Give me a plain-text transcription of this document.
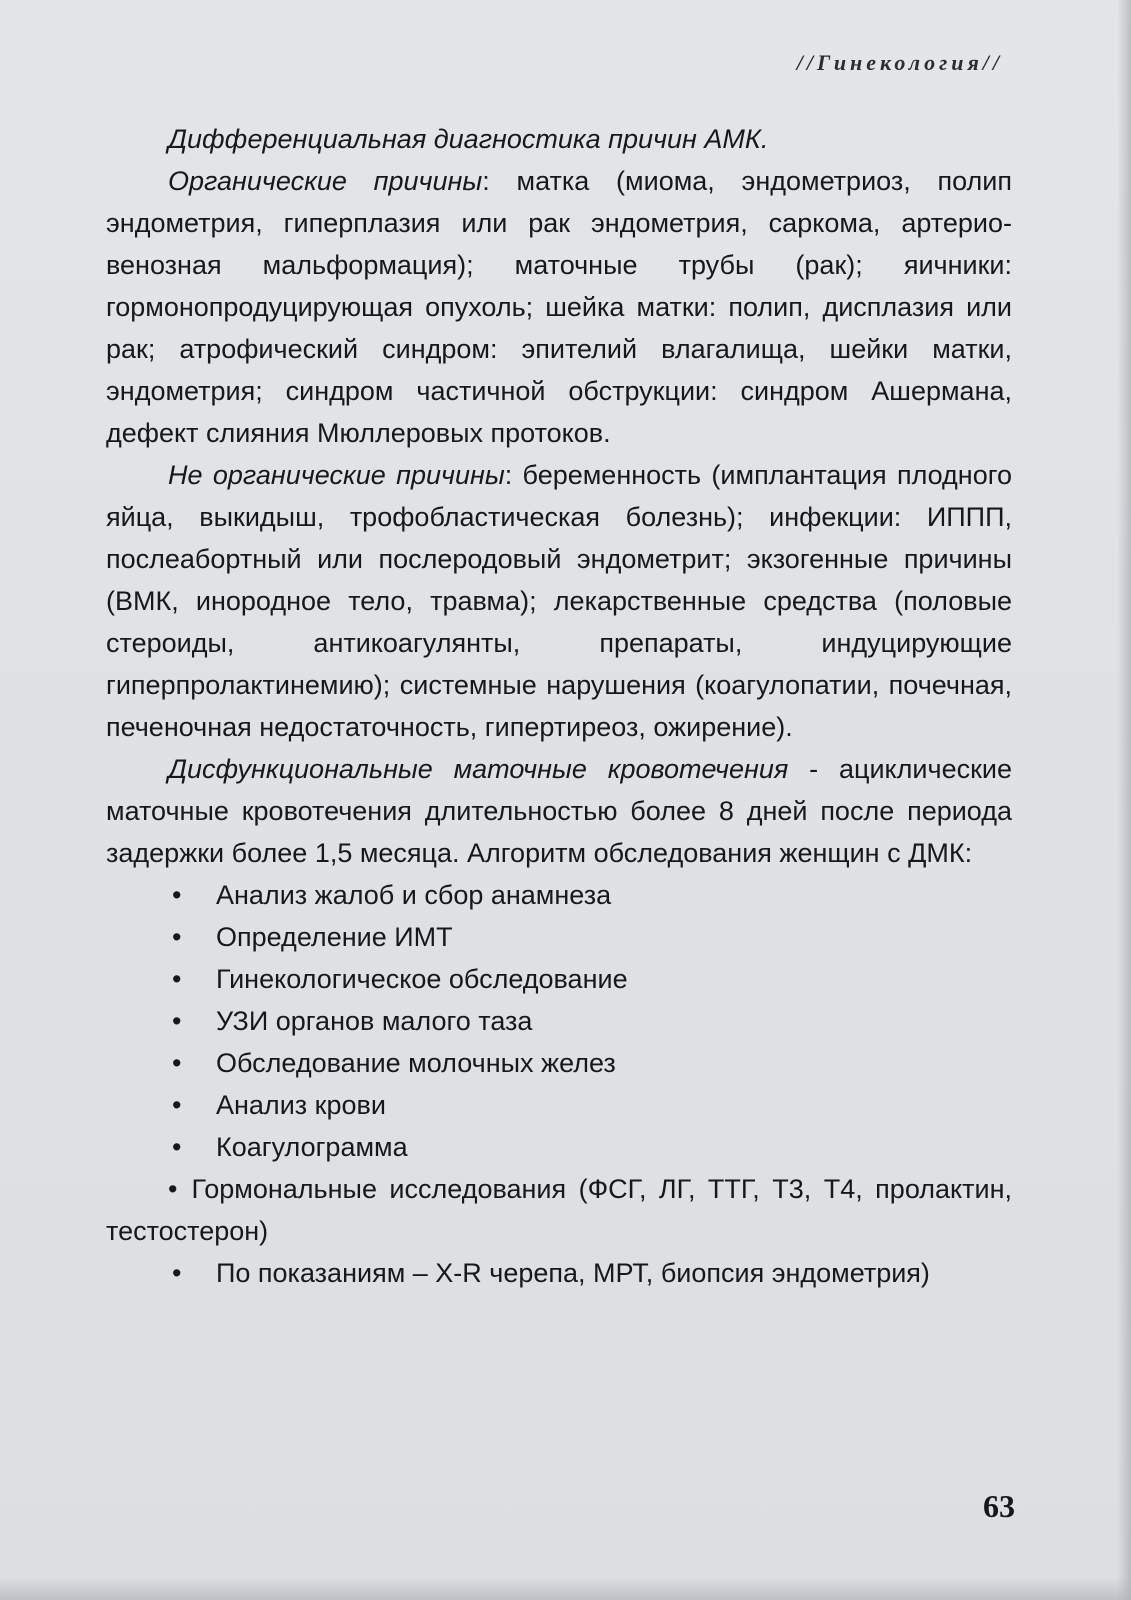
//Гинекология//

Дифференциальная диагностика причин АМК.

Органические причины: матка (миома, эндометриоз, полип эндометрия, гиперплазия или рак эндометрия, саркома, артерио-венозная мальформация); маточные трубы (рак); яичники: гормонопродуцирующая опухоль; шейка матки: полип, дисплазия или рак; атрофический синдром: эпителий влагалища, шейки матки, эндометрия; синдром частичной обструкции: синдром Ашермана, дефект слияния Мюллеровых протоков.

Не органические причины: беременность (имплантация плодного яйца, выкидыш, трофобластическая болезнь); инфекции: ИППП, послеабортный или послеродовый эндометрит; экзогенные причины (ВМК, инородное тело, травма); лекарственные средства (половые стероиды, антикоагулянты, препараты, индуцирующие гиперпролактинемию); системные нарушения (коагулопатии, почечная, печеночная недостаточность, гипертиреоз, ожирение).

Дисфункциональные маточные кровотечения - ациклические маточные кровотечения длительностью более 8 дней после периода задержки более 1,5 месяца. Алгоритм обследования женщин с ДМК:

• Анализ жалоб и сбор анамнеза
• Определение ИМТ
• Гинекологическое обследование
• УЗИ органов малого таза
• Обследование молочных желез
• Анализ крови
• Коагулограмма

• Гормональные исследования (ФСГ, ЛГ, ТТГ, Т3, Т4, пролактин, тестостерон)

• По показаниям – X-R черепа, МРТ, биопсия эндометрия)
63
